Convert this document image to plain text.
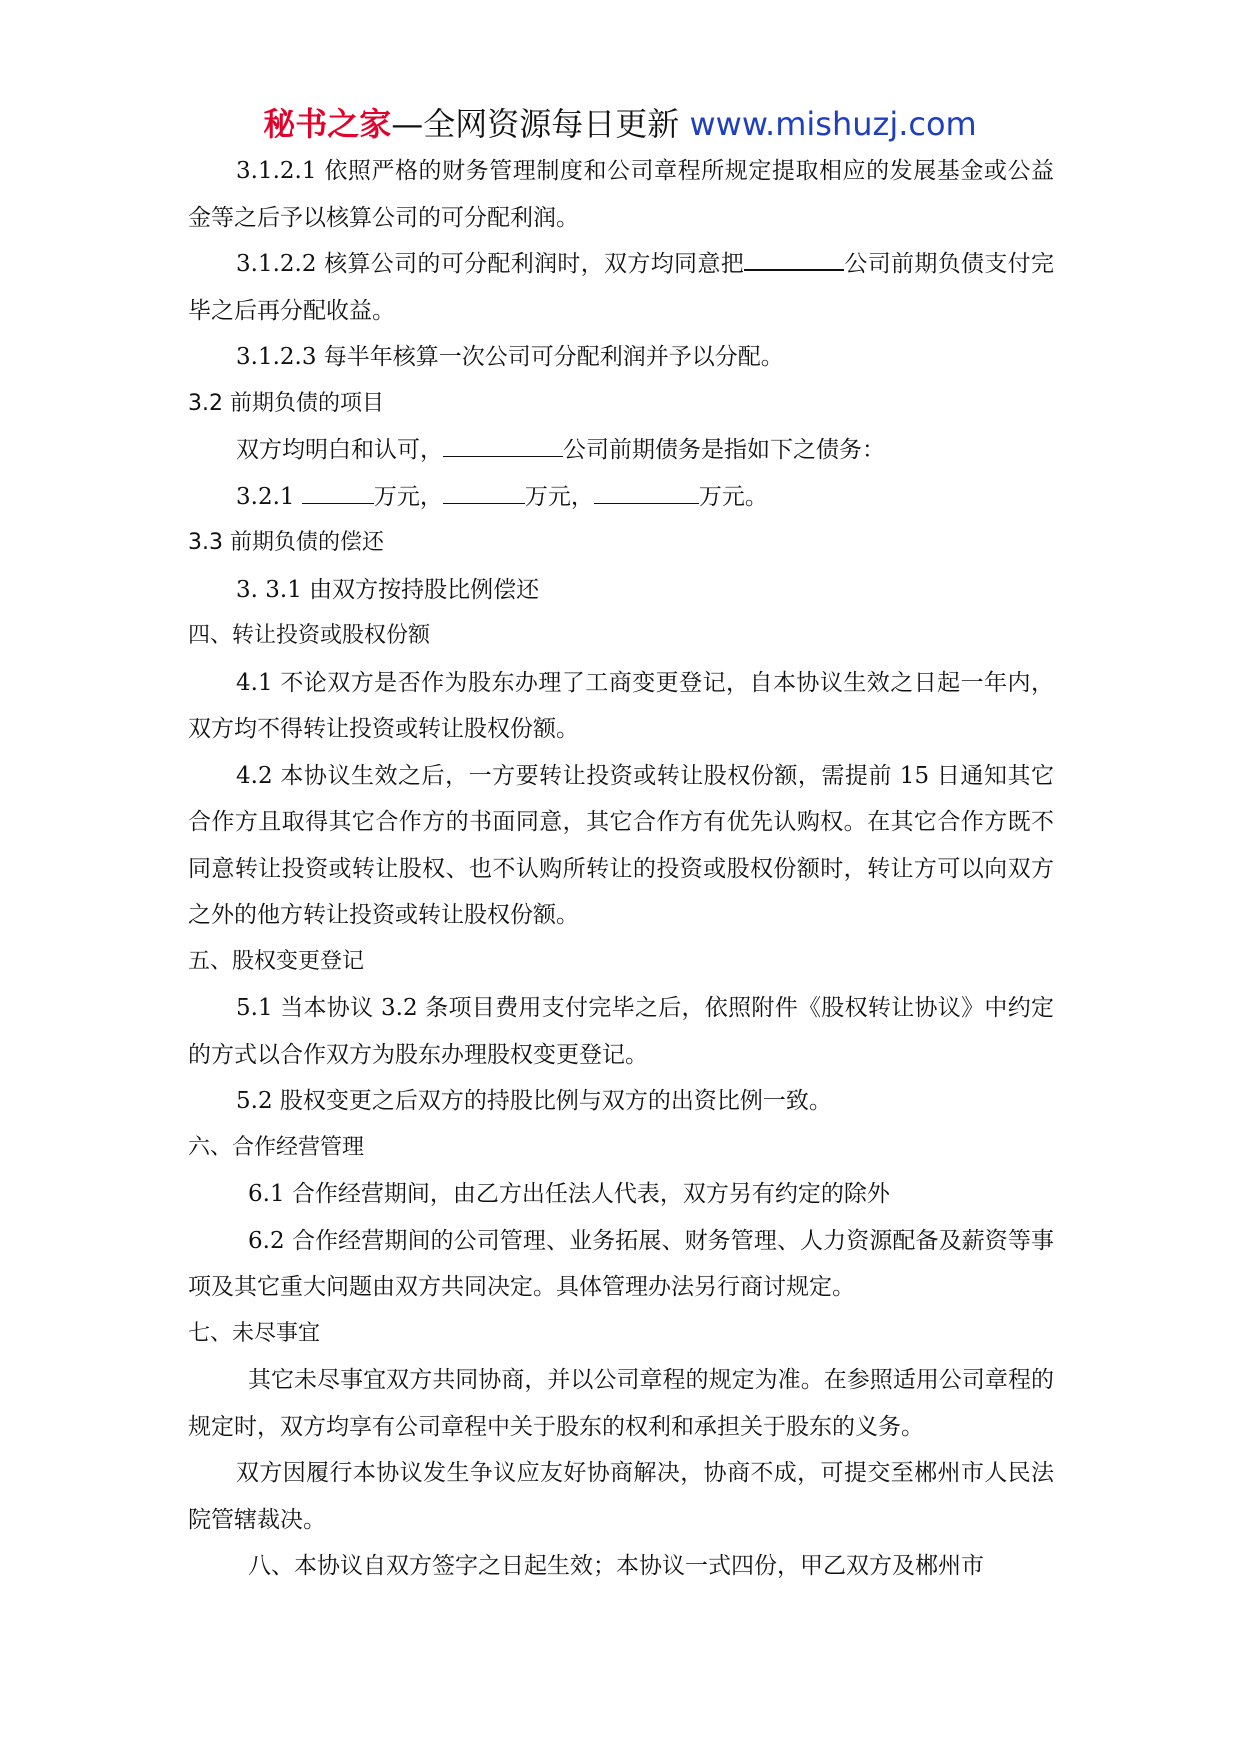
秘书之家—全网资源每日更新 www.mishuzj.com

3.1.2.1 依照严格的财务管理制度和公司章程所规定提取相应的发展基金或公益金等之后予以核算公司的可分配利润。

3.1.2.2 核算公司的可分配利润时，双方均同意把	公司前期负债支付完毕之后再分配收益。

3.1.2.3 每半年核算一次公司可分配利润并予以分配。

3.2 前期负债的项目

双方均明白和认可，	公司前期债务是指如下之债务：

3.2.1	万元，	万元，	万元。

3.3 前期负债的偿还

3. 3.1 由双方按持股比例偿还

四、转让投资或股权份额

4.1 不论双方是否作为股东办理了工商变更登记，自本协议生效之日起一年内，双方均不得转让投资或转让股权份额。

4.2 本协议生效之后，一方要转让投资或转让股权份额，需提前 15 日通知其它合作方且取得其它合作方的书面同意，其它合作方有优先认购权。在其它合作方既不同意转让投资或转让股权、也不认购所转让的投资或股权份额时，转让方可以向双方之外的他方转让投资或转让股权份额。

五、股权变更登记

5.1 当本协议 3.2 条项目费用支付完毕之后，依照附件《股权转让协议》中约定的方式以合作双方为股东办理股权变更登记。

5.2 股权变更之后双方的持股比例与双方的出资比例一致。

六、合作经营管理

6.1 合作经营期间，由乙方出任法人代表，双方另有约定的除外

6.2 合作经营期间的公司管理、业务拓展、财务管理、人力资源配备及薪资等事项及其它重大问题由双方共同决定。具体管理办法另行商讨规定。

七、未尽事宜

其它未尽事宜双方共同协商，并以公司章程的规定为准。在参照适用公司章程的规定时，双方均享有公司章程中关于股东的权利和承担关于股东的义务。

双方因履行本协议发生争议应友好协商解决，协商不成，可提交至郴州市人民法院管辖裁决。

八、本协议自双方签字之日起生效；本协议一式四份，甲乙双方及郴州市
